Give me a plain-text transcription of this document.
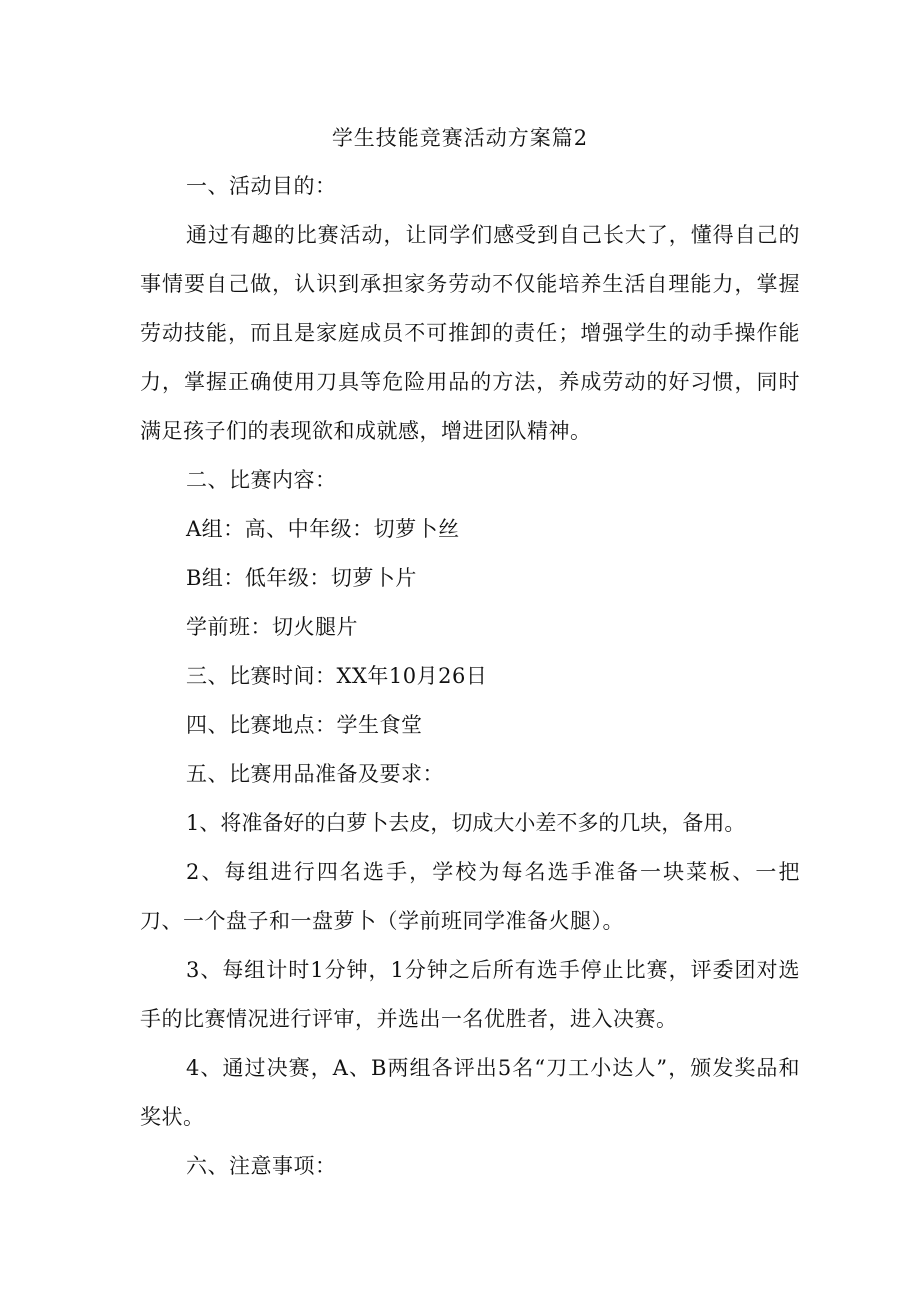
学生技能竞赛活动方案篇2

一、活动目的：

通过有趣的比赛活动，让同学们感受到自己长大了，懂得自己的事情要自己做，认识到承担家务劳动不仅能培养生活自理能力，掌握劳动技能，而且是家庭成员不可推卸的责任；增强学生的动手操作能力，掌握正确使用刀具等危险用品的方法，养成劳动的好习惯，同时满足孩子们的表现欲和成就感，增进团队精神。

二、比赛内容：

A组：高、中年级：切萝卜丝

B组：低年级：切萝卜片

学前班：切火腿片

三、比赛时间：XX年10月26日

四、比赛地点：学生食堂

五、比赛用品准备及要求：

1、将准备好的白萝卜去皮，切成大小差不多的几块，备用。

2、每组进行四名选手，学校为每名选手准备一块菜板、一把刀、一个盘子和一盘萝卜（学前班同学准备火腿）。

3、每组计时1分钟，1分钟之后所有选手停止比赛，评委团对选手的比赛情况进行评审，并选出一名优胜者，进入决赛。

4、通过决赛，A、B两组各评出5名“刀工小达人”，颁发奖品和奖状。

六、注意事项：
